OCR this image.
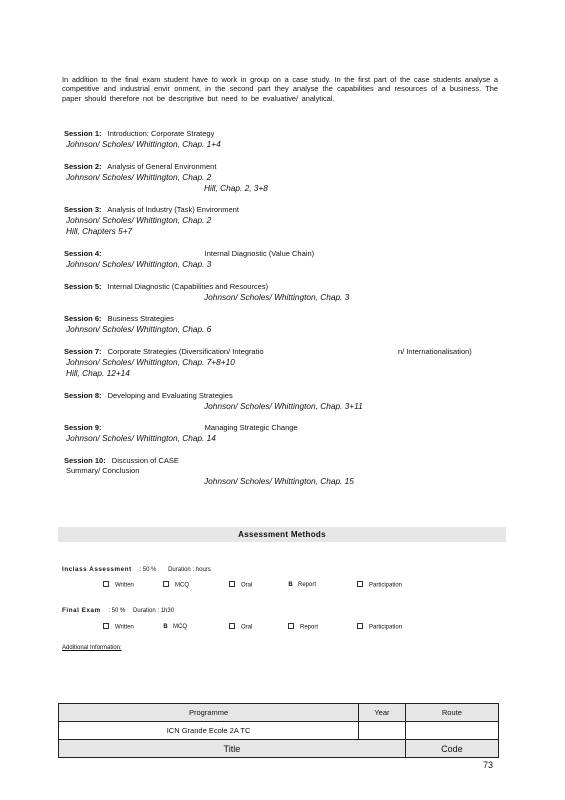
In addition to the final exam student have to work in group on a case study. In the first part of the case students analyse a competitive and industrial envir onment, in the second part they analyse the capabilities and resources of a business. The paper should therefore not be descriptive but need to be evaluative/ analytical.
Session 1: Introduction: Corporate Strategy
Johnson/ Scholes/ Whittington, Chap. 1+4
Session 2: Analysis of General Environment
Johnson/ Scholes/ Whittington, Chap. 2
Hill, Chap. 2, 3+8
Session 3: Analysis of Industry (Task) Environment
Johnson/ Scholes/ Whittington, Chap. 2
Hill, Chapters 5+7
Session 4:	Internal Diagnostic (Value Chain)
Johnson/ Scholes/ Whittington, Chap. 3
Session 5: Internal Diagnostic (Capabilities and Resources)
Johnson/ Scholes/ Whittington, Chap. 3
Session 6: Business Strategies
Johnson/ Scholes/ Whittington, Chap. 6
Session 7: Corporate Strategies (Diversification/ Integratio	n/ Internationalisation)
Johnson/ Scholes/ Whittington, Chap. 7+8+10
Hill, Chap. 12+14
Session 8: Developing and Evaluating Strategies
Johnson/ Scholes/ Whittington, Chap. 3+11
Session 9:	Managing Strategic Change
Johnson/ Scholes/ Whittington, Chap. 14
Session 10: Discussion of CASE
Summary/ Conclusion
Johnson/ Scholes/ Whittington, Chap. 15
Assessment Methods
Inclass Assessment : 50 % Duration : hours
Written	MCQ	Oral	B Report	Participation
Final Exam : 50 % Duration : 1h30
Written	B MCQ	Oral	Report	Participation
Additional Information:
Programme	Year	Route
ICN Grande Ecole 2A TC		
Title		Code
73
